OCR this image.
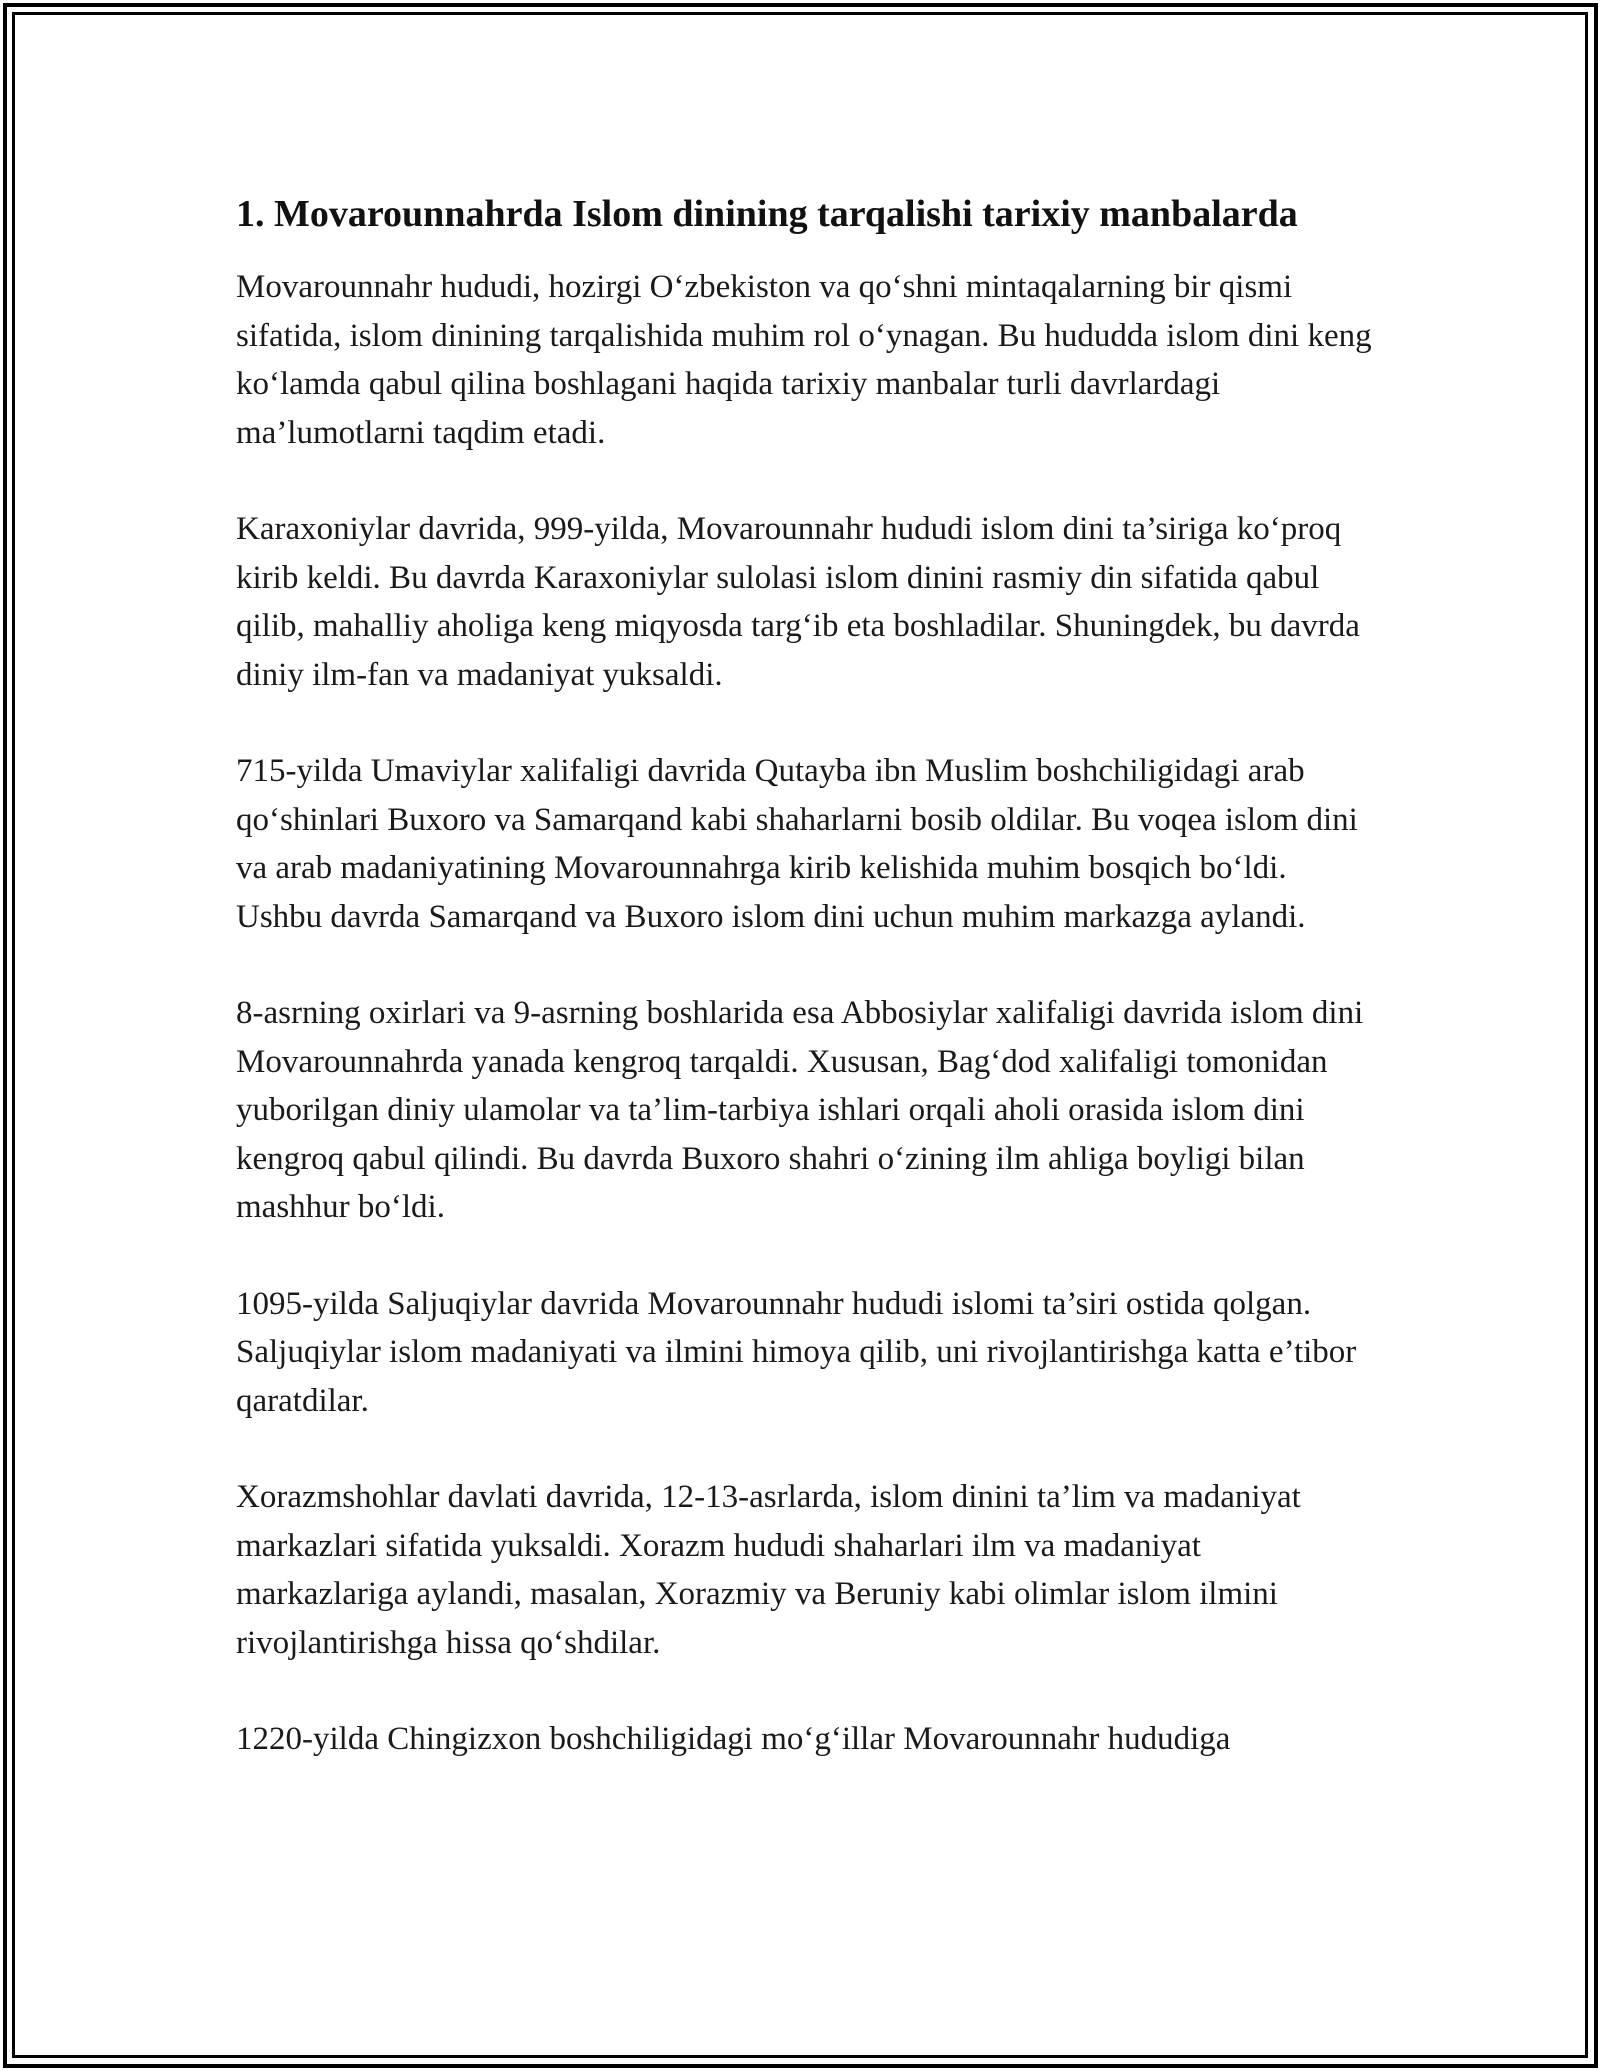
1. Movarounnahrda Islom dinining tarqalishi tarixiy manbalarda

Movarounnahr hududi, hozirgi O‘zbekiston va qo‘shni mintaqalarning bir qismi sifatida, islom dinining tarqalishida muhim rol o‘ynagan. Bu hududda islom dini keng ko‘lamda qabul qilina boshlagani haqida tarixiy manbalar turli davrlardagi ma’lumotlarni taqdim etadi.

Karaxoniylar davrida, 999-yilda, Movarounnahr hududi islom dini ta’siriga ko‘proq kirib keldi. Bu davrda Karaxoniylar sulolasi islom dinini rasmiy din sifatida qabul qilib, mahalliy aholiga keng miqyosda targ‘ib eta boshladilar. Shuningdek, bu davrda diniy ilm-fan va madaniyat yuksaldi.

715-yilda Umaviylar xalifaligi davrida Qutayba ibn Muslim boshchiligidagi arab qo‘shinlari Buxoro va Samarqand kabi shaharlarni bosib oldilar. Bu voqea islom dini va arab madaniyatining Movarounnahrga kirib kelishida muhim bosqich bo‘ldi. Ushbu davrda Samarqand va Buxoro islom dini uchun muhim markazga aylandi.

8-asrning oxirlari va 9-asrning boshlarida esa Abbosiylar xalifaligi davrida islom dini Movarounnahrda yanada kengroq tarqaldi. Xususan, Bag‘dod xalifaligi tomonidan yuborilgan diniy ulamolar va ta’lim-tarbiya ishlari orqali aholi orasida islom dini kengroq qabul qilindi. Bu davrda Buxoro shahri o‘zining ilm ahliga boyligi bilan mashhur bo‘ldi.

1095-yilda Saljuqiylar davrida Movarounnahr hududi islomi ta’siri ostida qolgan. Saljuqiylar islom madaniyati va ilmini himoya qilib, uni rivojlantirishga katta e’tibor qaratdilar.

Xorazmshohlar davlati davrida, 12-13-asrlarda, islom dinini ta’lim va madaniyat markazlari sifatida yuksaldi. Xorazm hududi shaharlari ilm va madaniyat markazlariga aylandi, masalan, Xorazmiy va Beruniy kabi olimlar islom ilmini rivojlantirishga hissa qo‘shdilar.

1220-yilda Chingizxon boshchiligidagi mo‘g‘illar Movarounnahr hududiga
